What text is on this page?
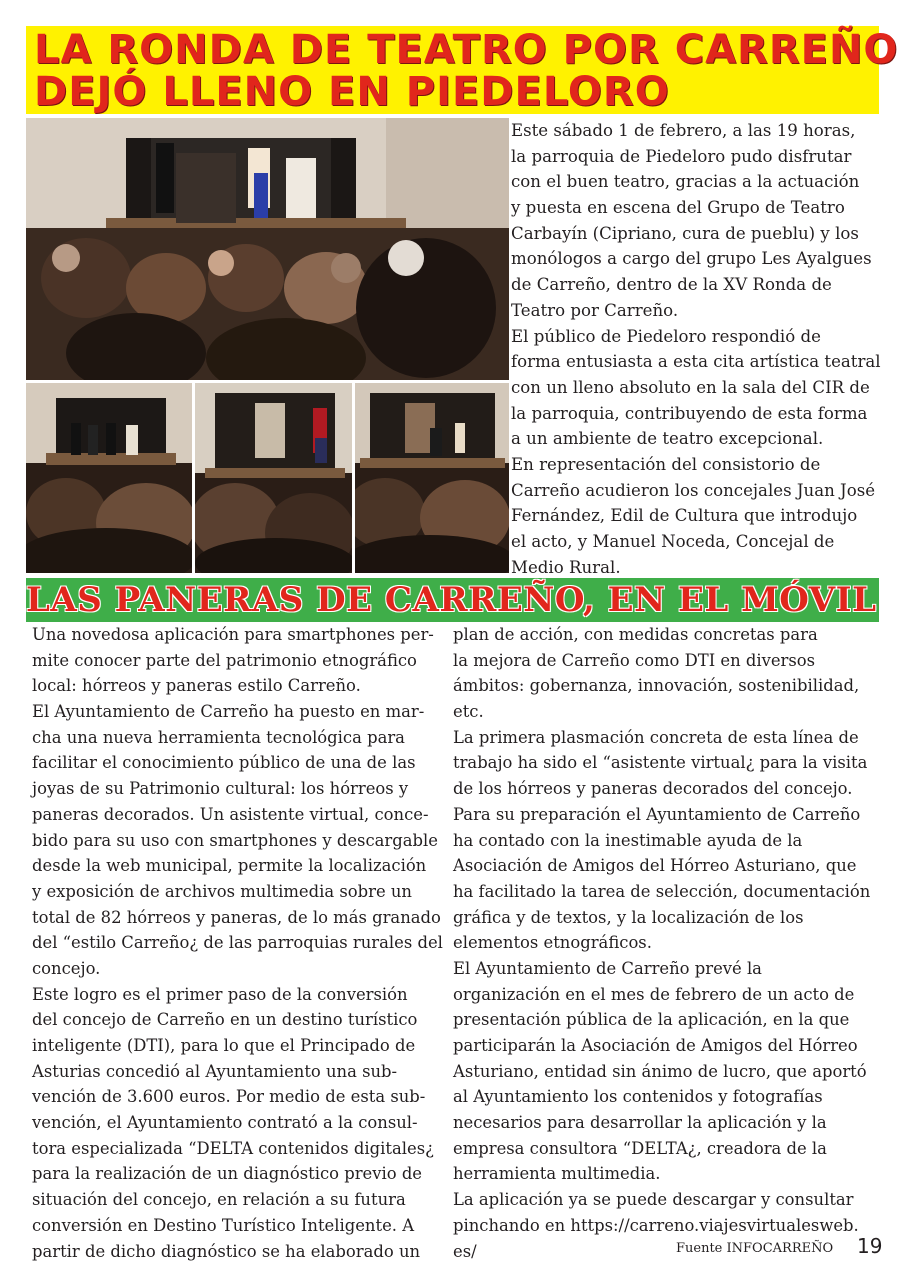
LA RONDA DE TEATRO POR CARREÑO
DEJÓ LLENO EN PIEDELORO
Este sábado 1 de febrero, a las 19 horas,
la parroquia de Piedeloro pudo disfrutar
con el buen teatro, gracias a la actuación
y puesta en escena del Grupo de Teatro
Carbayín (Cipriano, cura de pueblu) y los
monólogos a cargo del grupo Les Ayalgues
de Carreño, dentro de la XV Ronda de
Teatro por Carreño.
El público de Piedeloro respondió de
forma entusiasta a esta cita artística teatral
con un lleno absoluto en la sala del CIR de
la parroquia, contribuyendo de esta forma
a un ambiente de teatro excepcional.
En representación del consistorio de
Carreño acudieron los concejales Juan José
Fernández, Edil de Cultura que introdujo
el acto, y Manuel Noceda, Concejal de
Medio Rural.
LAS PANERAS DE CARREÑO, EN EL MÓVIL
Una novedosa aplicación para smartphones per-
mite conocer parte del patrimonio etnográfico
local: hórreos y paneras estilo Carreño.
El Ayuntamiento de Carreño ha puesto en mar-
cha una nueva herramienta tecnológica para
facilitar el conocimiento público de una de las
joyas de su Patrimonio cultural: los hórreos y
paneras decorados. Un asistente virtual, conce-
bido para su uso con smartphones y descargable
desde la web municipal, permite la localización
y exposición de archivos multimedia sobre un
total de 82 hórreos y paneras, de lo más granado
del “estilo Carreño¿ de las parroquias rurales del
concejo.
Este logro es el primer paso de la conversión
del concejo de Carreño en un destino turístico
inteligente (DTI), para lo que el Principado de
Asturias concedió al Ayuntamiento una sub-
vención de 3.600 euros. Por medio de esta sub-
vención, el Ayuntamiento contrató a la consul-
tora especializada “DELTA contenidos digitales¿
para la realización de un diagnóstico previo de
situación del concejo, en relación a su futura
conversión en Destino Turístico Inteligente. A
partir de dicho diagnóstico se ha elaborado un
plan de acción, con medidas concretas para
la mejora de Carreño como DTI en diversos
ámbitos: gobernanza, innovación, sostenibilidad,
etc.
La primera plasmación concreta de esta línea de
trabajo ha sido el “asistente virtual¿ para la visita
de los hórreos y paneras decorados del concejo.
Para su preparación el Ayuntamiento de Carreño
ha contado con la inestimable ayuda de la
Asociación de Amigos del Hórreo Asturiano, que
ha facilitado la tarea de selección, documentación
gráfica y de textos, y la localización de los
elementos etnográficos.
El Ayuntamiento de Carreño prevé la
organización en el mes de febrero de un acto de
presentación pública de la aplicación, en la que
participarán la Asociación de Amigos del Hórreo
Asturiano, entidad sin ánimo de lucro, que aportó
al Ayuntamiento los contenidos y fotografías
necesarios para desarrollar la aplicación y la
empresa consultora “DELTA¿, creadora de la
herramienta multimedia.
La aplicación ya se puede descargar y consultar
pinchando en https://carreno.viajesvirtualesweb.
es/	Fuente INFOCARREÑO 19
